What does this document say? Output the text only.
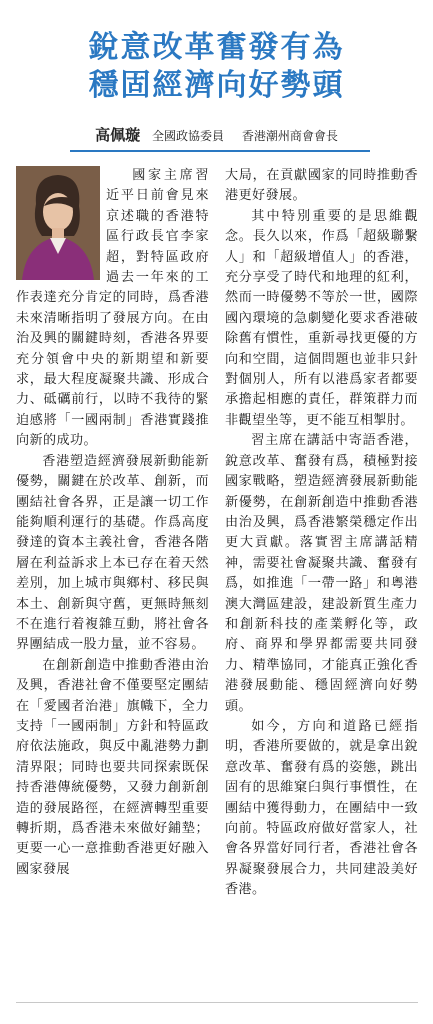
銳意改革奮發有為
穩固經濟向好勢頭
高佩璇 全國政協委員 香港潮州商會會長

國家主席習近平日前會見來京述職的香港特區行政長官李家超，對特區政府過去一年來的工作表達充分肯定的同時，爲香港未來清晰指明了發展方向。在由治及興的關鍵時刻，香港各界要充分領會中央的新期望和新要求，最大程度凝聚共識、形成合力、砥礪前行，以時不我待的緊迫感將「一國兩制」香港實踐推向新的成功。

香港塑造經濟發展新動能新優勢，關鍵在於改革、創新，而團結社會各界，正是讓一切工作能夠順利運行的基礎。作爲高度發達的資本主義社會，香港各階層在利益訴求上本已存在着天然差別，加上城市與鄉村、移民與本土、創新與守舊，更無時無刻不在進行着複雜互動，將社會各界團結成一股力量，並不容易。

在創新創造中推動香港由治及興，香港社會不僅要堅定團結在「愛國者治港」旗幟下，全力支持「一國兩制」方針和特區政府依法施政，與反中亂港勢力劃清界限；同時也要共同探索既保持香港傳統優勢，又發力創新創造的發展路徑，在經濟轉型重要轉折期，爲香港未來做好鋪墊；更要一心一意推動香港更好融入國家發展

大局，在貢獻國家的同時推動香港更好發展。

其中特別重要的是思維觀念。長久以來，作爲「超級聯繫人」和「超級增值人」的香港，充分享受了時代和地理的紅利，然而一時優勢不等於一世，國際國內環境的急劇變化要求香港破除舊有慣性，重新尋找更優的方向和空間，這個問題也並非只針對個別人，所有以港爲家者都要承擔起相應的責任，群策群力而非觀望坐等，更不能互相掣肘。

習主席在講話中寄語香港，銳意改革、奮發有爲，積極對接國家戰略，塑造經濟發展新動能新優勢，在創新創造中推動香港由治及興，爲香港繁榮穩定作出更大貢獻。落實習主席講話精神，需要社會凝聚共識、奮發有爲，如推進「一帶一路」和粵港澳大灣區建設，建設新質生產力和創新科技的產業孵化等，政府、商界和學界都需要共同發力、精準協同，才能真正強化香港發展動能、穩固經濟向好勢頭。

如今，方向和道路已經指明，香港所要做的，就是拿出銳意改革、奮發有爲的姿態，跳出固有的思維窠臼與行事慣性，在團結中獲得動力，在團結中一致向前。特區政府做好當家人，社會各界當好同行者，香港社會各界凝聚發展合力，共同建設美好香港。
